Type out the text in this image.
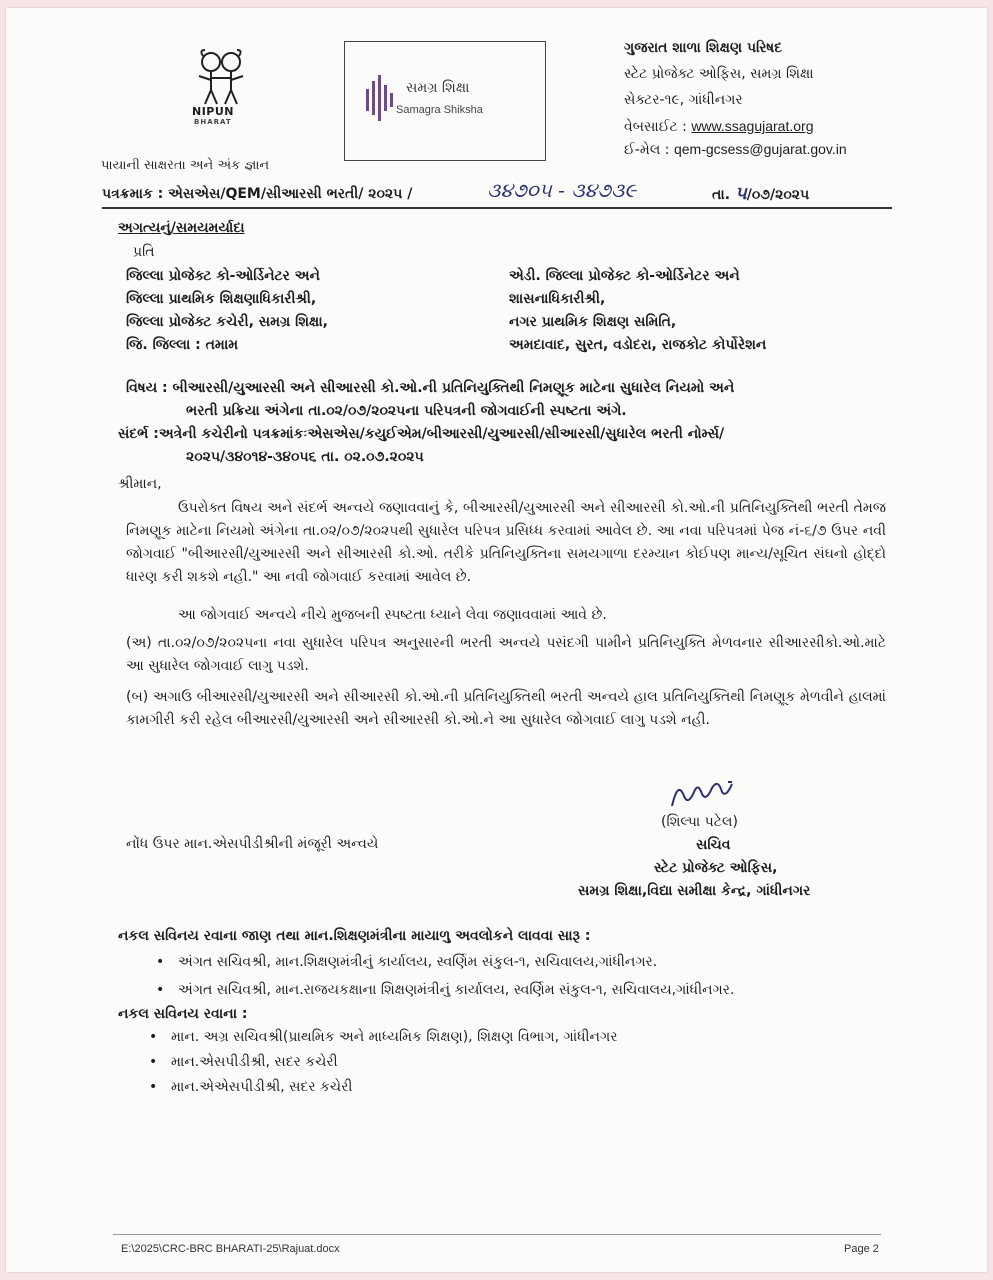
NIPUN
BHARAT
સમગ્ર શિક્ષા
Samagra Shiksha
ગુજરાત શાળા શિક્ષણ પરિષદ
સ્ટેટ પ્રોજેક્ટ ઓફિસ, સમગ્ર શિક્ષા
સેક્ટર-૧૯, ગાંધીનગર
વેબસાઈટ : www.ssagujarat.org
ઈ-મેલ : qem-gcsess@gujarat.gov.in
પાયાની સાક્ષરતા અને અંક જ્ઞાન
પત્રક્રમાક : એસએસ/QEM/સીઆરસી ભરતી/ ૨૦૨૫ /	૩૪૭૦૫ - ૩૪૭૩૯	તા. ૫/૦૭/૨૦૨૫
અગત્યનું/સમયમર્યાદા
પ્રતિ
જિલ્લા પ્રોજેક્ટ કો-ઓર્ડિનેટર અને
જિલ્લા પ્રાથમિક શિક્ષણાધિકારીશ્રી,
જિલ્લા પ્રોજેક્ટ કચેરી, સમગ્ર શિક્ષા,
જિ. જિલ્લા : તમામ
એડી. જિલ્લા પ્રોજેક્ટ કો-ઓર્ડિનેટર અને
શાસનાધિકારીશ્રી,
નગર પ્રાથમિક શિક્ષણ સમિતિ,
અમદાવાદ, સુરત, વડોદરા, રાજકોટ કોર્પોરેશન
વિષય : બીઆરસી/યુઆરસી અને સીઆરસી કો.ઓ.ની પ્રતિનિયુક્તિથી નિમણૂક માટેના સુધારેલ નિયમો અને
ભરતી પ્રક્રિયા અંગેના તા.૦૨/૦૭/૨૦૨૫ના પરિપત્રની જોગવાઈની સ્પષ્ટતા અંગે.
સંદર્ભ :અત્રેની કચેરીનો પત્રક્રમાંકઃએસએસ/કયુઈએમ/બીઆરસી/યુઆરસી/સીઆરસી/સુધારેલ ભરતી નોર્મ્સ/
૨૦૨૫/૩૪૦૧૪-૩૪૦૫૬ તા. ૦૨.૦૭.૨૦૨૫
શ્રીમાન,
ઉપરોક્ત વિષય અને સંદર્ભ અન્વયે જણાવવાનું કે, બીઆરસી/યુઆરસી અને સીઆરસી કો.ઓ.ની પ્રતિનિયુક્તિથી ભરતી તેમજ નિમણૂક માટેના નિયમો અંગેના તા.૦૨/૦૭/૨૦૨૫થી સુધારેલ પરિપત્ર પ્રસિધ્ધ કરવામાં આવેલ છે. આ નવા પરિપત્રમાં પેજ નં-૬/૭ ઉપર નવી જોગવાઈ "બીઆરસી/યુઆરસી અને સીઆરસી કો.ઓ. તરીકે પ્રતિનિયુક્તિના સમયગાળા દરમ્યાન કોઈપણ માન્ય/સૂચિત સંઘનો હોદ્દો ધારણ કરી શકશે નહી." આ નવી જોગવાઈ કરવામાં આવેલ છે.
આ જોગવાઈ અન્વયે નીચે મુજબની સ્પષ્ટતા ધ્યાને લેવા જણાવવામાં આવે છે.
(અ) તા.૦૨/૦૭/૨૦૨૫ના નવા સુધારેલ પરિપત્ર અનુસારની ભરતી અન્વયે પસંદગી પામીને પ્રતિનિયુક્તિ મેળવનાર સીઆરસીકો.ઓ.માટે આ સુધારેલ જોગવાઈ લાગુ પડશે.
(બ) અગાઉ બીઆરસી/યુઆરસી અને સીઆરસી કો.ઓ.ની પ્રતિનિયુક્તિથી ભરતી અન્વયે હાલ પ્રતિનિયુક્તિથી નિમણૂક મેળવીને હાલમાં કામગીરી કરી રહેલ બીઆરસી/યુઆરસી અને સીઆરસી કો.ઓ.ને આ સુધારેલ જોગવાઈ લાગુ પડશે નહી.
(શિલ્પા પટેલ)
સચિવ
સ્ટેટ પ્રોજેક્ટ ઓફિસ,
સમગ્ર શિક્ષા,વિદ્યા સમીક્ષા કેન્દ્ર, ગાંધીનગર
નોંધ ઉપર માન.એસપીડીશ્રીની મંજૂરી અન્વયે
નકલ સવિનય રવાના જાણ તથા માન.શિક્ષણમંત્રીના માયાળુ અવલોકને લાવવા સારૂ :
• અંગત સચિવશ્રી, માન.શિક્ષણમંત્રીનું કાર્યાલય, સ્વર્ણિમ સંકુલ-૧, સચિવાલય,ગાંધીનગર.
• અંગત સચિવશ્રી, માન.રાજયકક્ષાના શિક્ષણમંત્રીનું કાર્યાલય, સ્વર્ણિમ સંકુલ-૧, સચિવાલય,ગાંધીનગર.
નકલ સવિનય રવાના :
• માન. અગ્ર સચિવશ્રી(પ્રાથમિક અને માધ્યમિક શિક્ષણ), શિક્ષણ વિભાગ, ગાંધીનગર
• માન.એસપીડીશ્રી, સદર કચેરી
• માન.એએસપીડીશ્રી, સદર કચેરી
E:\2025\CRC-BRC BHARATI-25\Rajuat.docx	Page 2
